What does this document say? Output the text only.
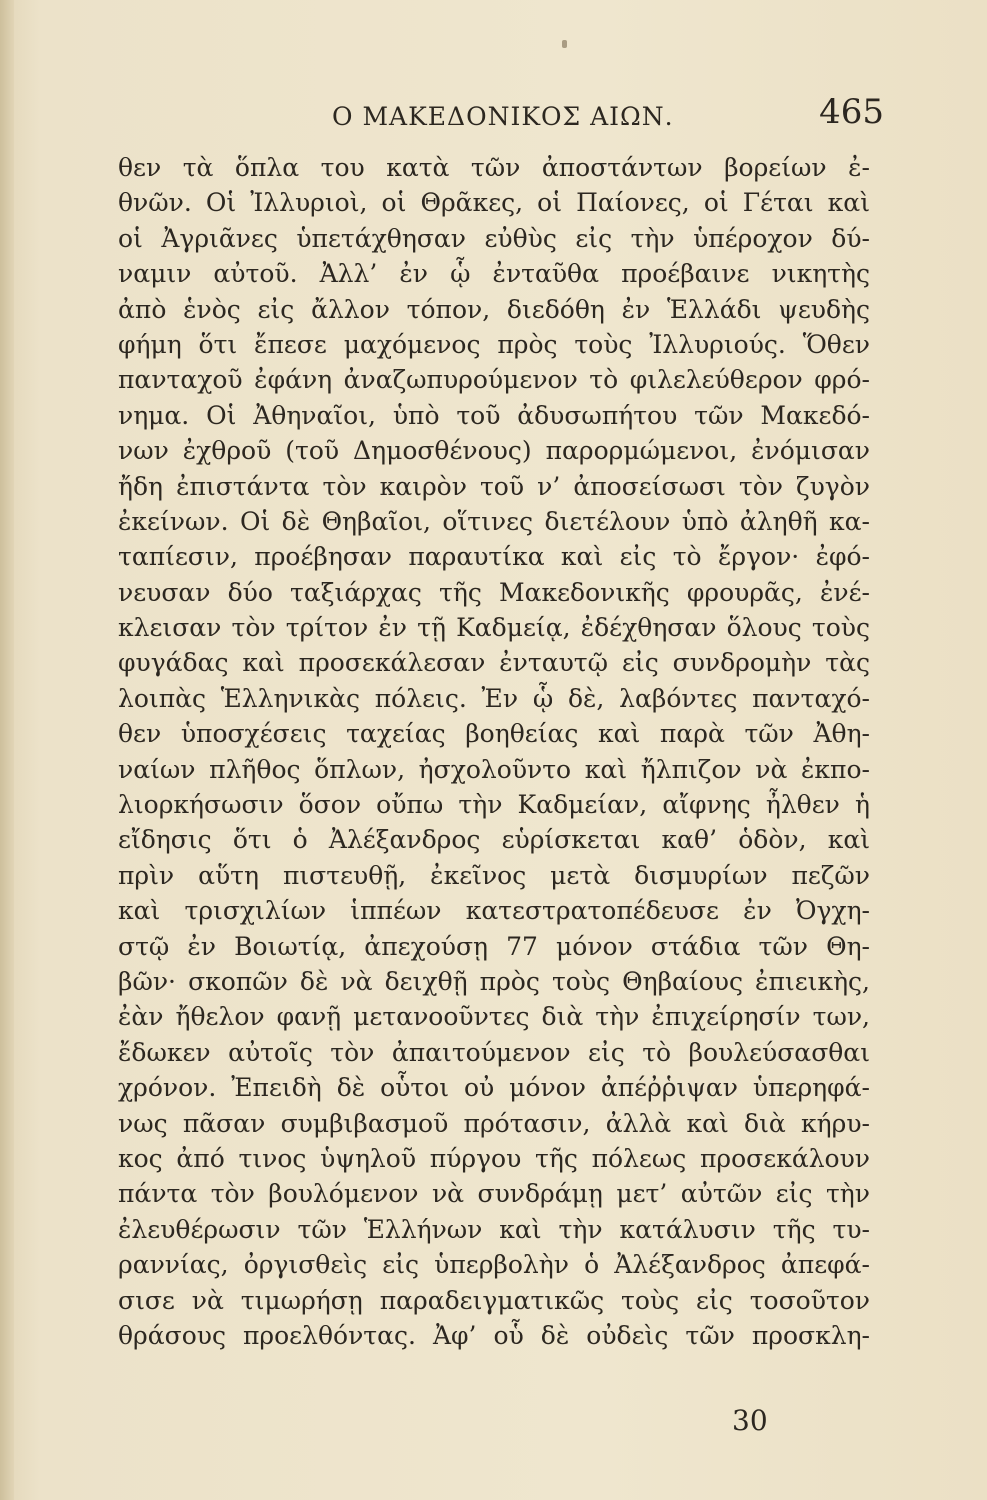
Ο ΜΑΚΕΔΟΝΙΚΟΣ ΑΙΩΝ.	465
θεν τὰ ὅπλα του κατὰ τῶν ἀποστάντων βορείων ἐ-
θνῶν. Οἱ Ἰλλυριοὶ, οἱ Θρᾶκες, οἱ Παίονες, οἱ Γέται καὶ
οἱ Ἀγριᾶνες ὑπετάχθησαν εὐθὺς εἰς τὴν ὑπέροχον δύ-
ναμιν αὐτοῦ. Ἀλλ’ ἐν ᾧ ἐνταῦθα προέβαινε νικητὴς
ἀπὸ ἑνὸς εἰς ἄλλον τόπον, διεδόθη ἐν Ἑλλάδι ψευδὴς
φήμη ὅτι ἔπεσε μαχόμενος πρὸς τοὺς Ἰλλυριούς. Ὅθεν
πανταχοῦ ἐφάνη ἀναζωπυρούμενον τὸ φιλελεύθερον φρό-
νημα. Οἱ Ἀθηναῖοι, ὑπὸ τοῦ ἀδυσωπήτου τῶν Μακεδό-
νων ἐχθροῦ (τοῦ Δημοσθένους) παρορμώμενοι, ἐνόμισαν
ἤδη ἐπιστάντα τὸν καιρὸν τοῦ ν’ ἀποσείσωσι τὸν ζυγὸν
ἐκείνων. Οἱ δὲ Θηβαῖοι, οἵτινες διετέλουν ὑπὸ ἀληθῆ κα-
ταπίεσιν, προέβησαν παραυτίκα καὶ εἰς τὸ ἔργον· ἐφό-
νευσαν δύο ταξιάρχας τῆς Μακεδονικῆς φρουρᾶς, ἐνέ-
κλεισαν τὸν τρίτον ἐν τῇ Καδμείᾳ, ἐδέχθησαν ὅλους τοὺς
φυγάδας καὶ προσεκάλεσαν ἐνταυτῷ εἰς συνδρομὴν τὰς
λοιπὰς Ἑλληνικὰς πόλεις. Ἐν ᾧ δὲ, λαβόντες πανταχό-
θεν ὑποσχέσεις ταχείας βοηθείας καὶ παρὰ τῶν Ἀθη-
ναίων πλῆθος ὅπλων, ἠσχολοῦντο καὶ ἤλπιζον νὰ ἐκπο-
λιορκήσωσιν ὅσον οὔπω τὴν Καδμείαν, αἴφνης ἦλθεν ἡ
εἴδησις ὅτι ὁ Ἀλέξανδρος εὑρίσκεται καθ’ ὁδὸν, καὶ
πρὶν αὕτη πιστευθῇ, ἐκεῖνος μετὰ δισμυρίων πεζῶν
καὶ τρισχιλίων ἱππέων κατεστρατοπέδευσε ἐν Ὀγχη-
στῷ ἐν Βοιωτίᾳ, ἀπεχούσῃ 77 μόνον στάδια τῶν Θη-
βῶν· σκοπῶν δὲ νὰ δειχθῇ πρὸς τοὺς Θηβαίους ἐπιεικὴς,
ἐὰν ἤθελον φανῇ μετανοοῦντες διὰ τὴν ἐπιχείρησίν των,
ἔδωκεν αὐτοῖς τὸν ἀπαιτούμενον εἰς τὸ βουλεύσασθαι
χρόνον. Ἐπειδὴ δὲ οὗτοι οὐ μόνον ἀπέῤῥιψαν ὑπερηφά-
νως πᾶσαν συμβιβασμοῦ πρότασιν, ἀλλὰ καὶ διὰ κήρυ-
κος ἀπό τινος ὑψηλοῦ πύργου τῆς πόλεως προσεκάλουν
πάντα τὸν βουλόμενον νὰ συνδράμῃ μετ’ αὐτῶν εἰς τὴν
ἐλευθέρωσιν τῶν Ἑλλήνων καὶ τὴν κατάλυσιν τῆς τυ-
ραννίας, ὀργισθεὶς εἰς ὑπερβολὴν ὁ Ἀλέξανδρος ἀπεφά-
σισε νὰ τιμωρήσῃ παραδειγματικῶς τοὺς εἰς τοσοῦτον
θράσους προελθόντας. Ἀφ’ οὗ δὲ οὐδεὶς τῶν προσκλη-
30
